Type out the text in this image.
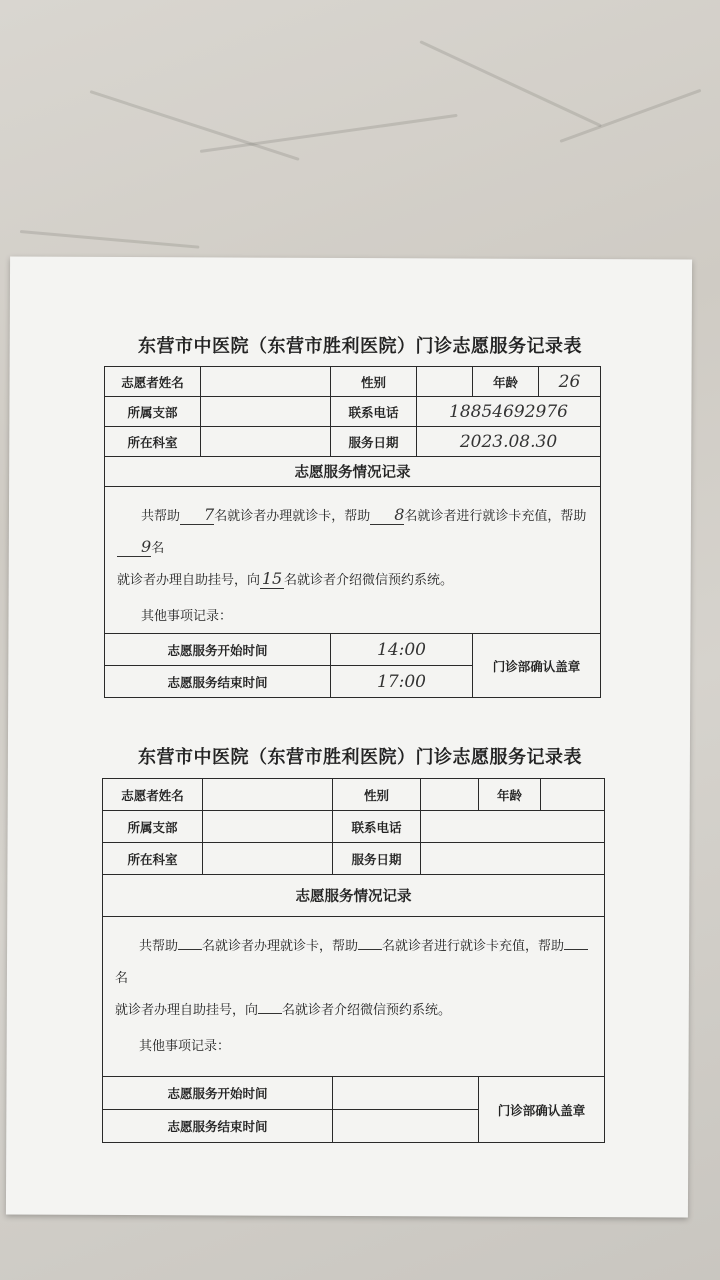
东营市中医院（东营市胜利医院）门诊志愿服务记录表
志愿者姓名		性别		年龄	26
所属支部		联系电话	18854692976		
所在科室		服务日期	2023.08.30		
志愿服务情况记录					

共帮助 7名就诊者办理就诊卡，帮助 8名就诊者进行就诊卡充值，帮助9名
就诊者办理自助挂号，向 15 名就诊者介绍微信预约系统。
其他事项记录：					

志愿服务开始时间		14:00		门诊部确认盖章	
志愿服务结束时间		17:00			
东营市中医院（东营市胜利医院）门诊志愿服务记录表
志愿者姓名		性别		年龄	
所属支部		联系电话			
所在科室		服务日期			
志愿服务情况记录					

共帮助 名就诊者办理就诊卡，帮助 名就诊者进行就诊卡充值，帮助名
就诊者办理自助挂号，向 名就诊者介绍微信预约系统。
其他事项记录：					

志愿服务开始时间				门诊部确认盖章	
志愿服务结束时间					
